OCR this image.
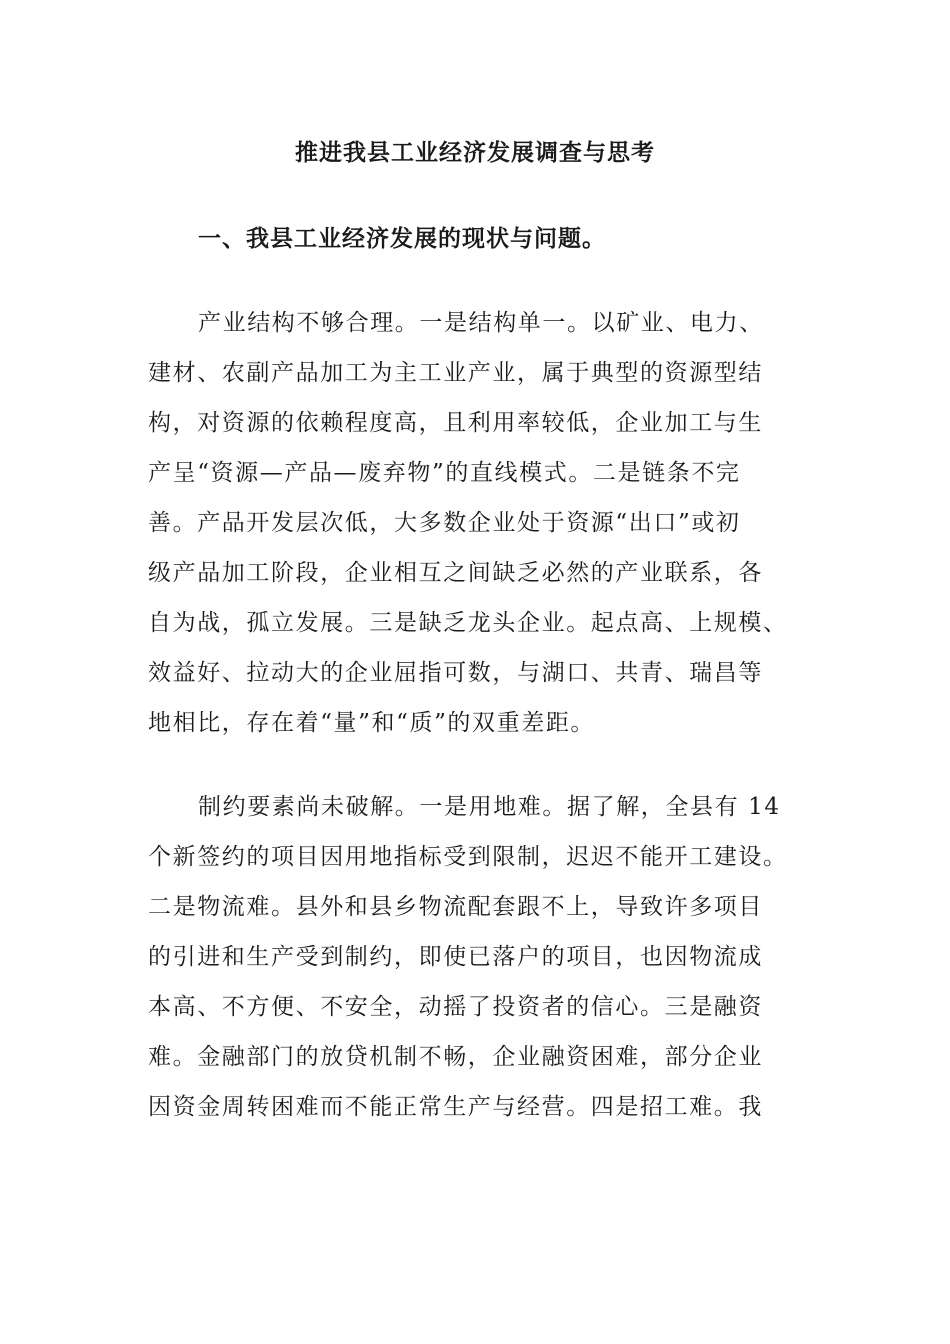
推进我县工业经济发展调查与思考
一、我县工业经济发展的现状与问题。

产业结构不够合理。一是结构单一。以矿业、电力、

建材、农副产品加工为主工业产业，属于典型的资源型结

构，对资源的依赖程度高，且利用率较低，企业加工与生

产呈“资源—产品—废弃物”的直线模式。二是链条不完

善。产品开发层次低，大多数企业处于资源“出口”或初

级产品加工阶段，企业相互之间缺乏必然的产业联系，各

自为战，孤立发展。三是缺乏龙头企业。起点高、上规模、

效益好、拉动大的企业屈指可数，与湖口、共青、瑞昌等

地相比，存在着“量”和“质”的双重差距。

制约要素尚未破解。一是用地难。据了解，全县有 14

个新签约的项目因用地指标受到限制，迟迟不能开工建设。

二是物流难。县外和县乡物流配套跟不上，导致许多项目

的引进和生产受到制约，即使已落户的项目，也因物流成

本高、不方便、不安全，动摇了投资者的信心。三是融资

难。金融部门的放贷机制不畅，企业融资困难，部分企业

因资金周转困难而不能正常生产与经营。四是招工难。我
